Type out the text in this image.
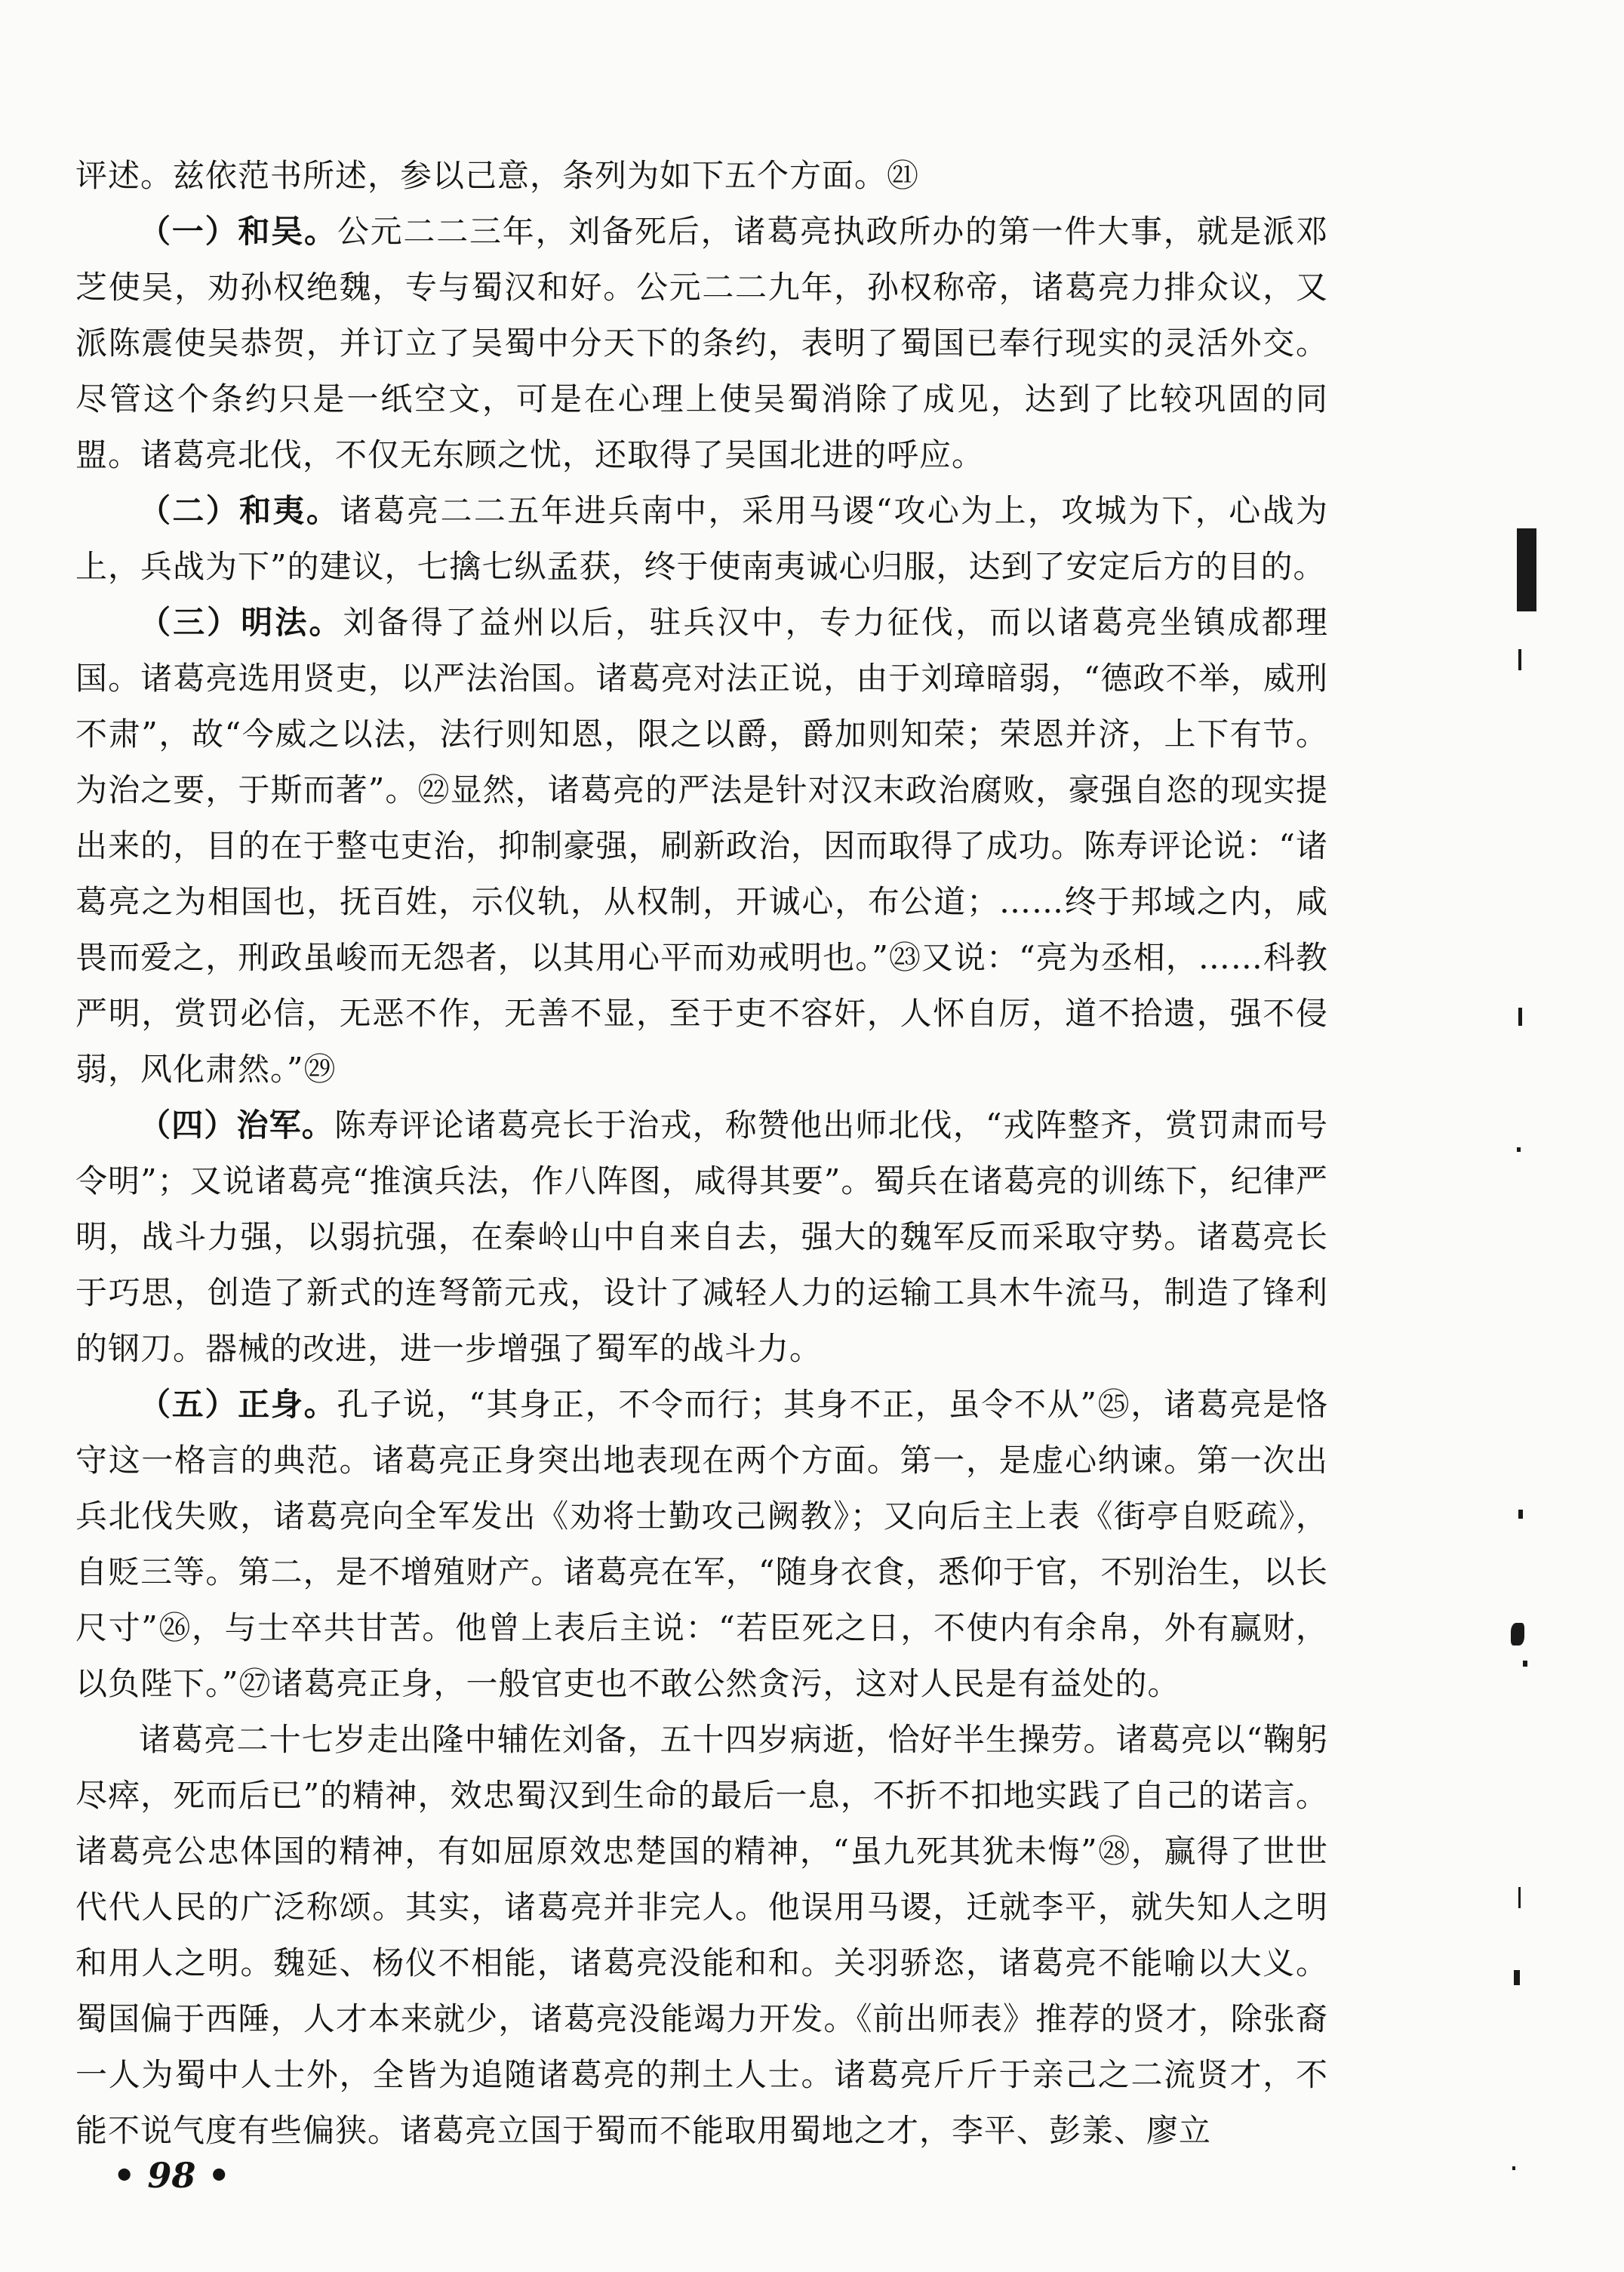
评述。兹依范书所述，参以己意，条列为如下五个方面。㉑

（一）和吴。公元二二三年，刘备死后，诸葛亮执政所办的第一件大事，就是派邓芝使吴，劝孙权绝魏，专与蜀汉和好。公元二二九年，孙权称帝，诸葛亮力排众议，又派陈震使吴恭贺，并订立了吴蜀中分天下的条约，表明了蜀国已奉行现实的灵活外交。尽管这个条约只是一纸空文，可是在心理上使吴蜀消除了成见，达到了比较巩固的同盟。诸葛亮北伐，不仅无东顾之忧，还取得了吴国北进的呼应。

（二）和夷。诸葛亮二二五年进兵南中，采用马谡“攻心为上，攻城为下，心战为上，兵战为下”的建议，七擒七纵孟获，终于使南夷诚心归服，达到了安定后方的目的。

（三）明法。刘备得了益州以后，驻兵汉中，专力征伐，而以诸葛亮坐镇成都理国。诸葛亮选用贤吏，以严法治国。诸葛亮对法正说，由于刘璋暗弱，“德政不举，威刑不肃”，故“今威之以法，法行则知恩，限之以爵，爵加则知荣；荣恩并济，上下有节。为治之要，于斯而著”。㉒显然，诸葛亮的严法是针对汉末政治腐败，豪强自恣的现实提出来的，目的在于整屯吏治，抑制豪强，刷新政治，因而取得了成功。陈寿评论说：“诸葛亮之为相国也，抚百姓，示仪轨，从权制，开诚心，布公道；……终于邦域之内，咸畏而爱之，刑政虽峻而无怨者，以其用心平而劝戒明也。”㉓又说：“亮为丞相，……科教严明，赏罚必信，无恶不作，无善不显，至于吏不容奸，人怀自厉，道不拾遗，强不侵弱，风化肃然。”㉙

（四）治军。陈寿评论诸葛亮长于治戎，称赞他出师北伐，“戎阵整齐，赏罚肃而号令明”；又说诸葛亮“推演兵法，作八阵图，咸得其要”。蜀兵在诸葛亮的训练下，纪律严明，战斗力强，以弱抗强，在秦岭山中自来自去，强大的魏军反而采取守势。诸葛亮长于巧思，创造了新式的连弩箭元戎，设计了减轻人力的运输工具木牛流马，制造了锋利的钢刀。器械的改进，进一步增强了蜀军的战斗力。

（五）正身。孔子说，“其身正，不令而行；其身不正，虽令不从”㉕，诸葛亮是恪守这一格言的典范。诸葛亮正身突出地表现在两个方面。第一，是虚心纳谏。第一次出兵北伐失败，诸葛亮向全军发出《劝将士勤攻己阙教》；又向后主上表《街亭自贬疏》，自贬三等。第二，是不增殖财产。诸葛亮在军，“随身衣食，悉仰于官，不别治生，以长尺寸”㉖，与士卒共甘苦。他曾上表后主说：“若臣死之日，不使内有余帛，外有赢财，以负陛下。”㉗诸葛亮正身，一般官吏也不敢公然贪污，这对人民是有益处的。

诸葛亮二十七岁走出隆中辅佐刘备，五十四岁病逝，恰好半生操劳。诸葛亮以“鞠躬尽瘁，死而后已”的精神，效忠蜀汉到生命的最后一息，不折不扣地实践了自己的诺言。诸葛亮公忠体国的精神，有如屈原效忠楚国的精神，“虽九死其犹未悔”㉘，赢得了世世代代人民的广泛称颂。其实，诸葛亮并非完人。他误用马谡，迁就李平，就失知人之明和用人之明。魏延、杨仪不相能，诸葛亮没能和和。关羽骄恣，诸葛亮不能喻以大义。蜀国偏于西陲，人才本来就少，诸葛亮没能竭力开发。《前出师表》推荐的贤才，除张裔一人为蜀中人士外，全皆为追随诸葛亮的荆土人士。诸葛亮斤斤于亲己之二流贤才，不能不说气度有些偏狭。诸葛亮立国于蜀而不能取用蜀地之才，李平、彭羕、廖立

• 98 •
